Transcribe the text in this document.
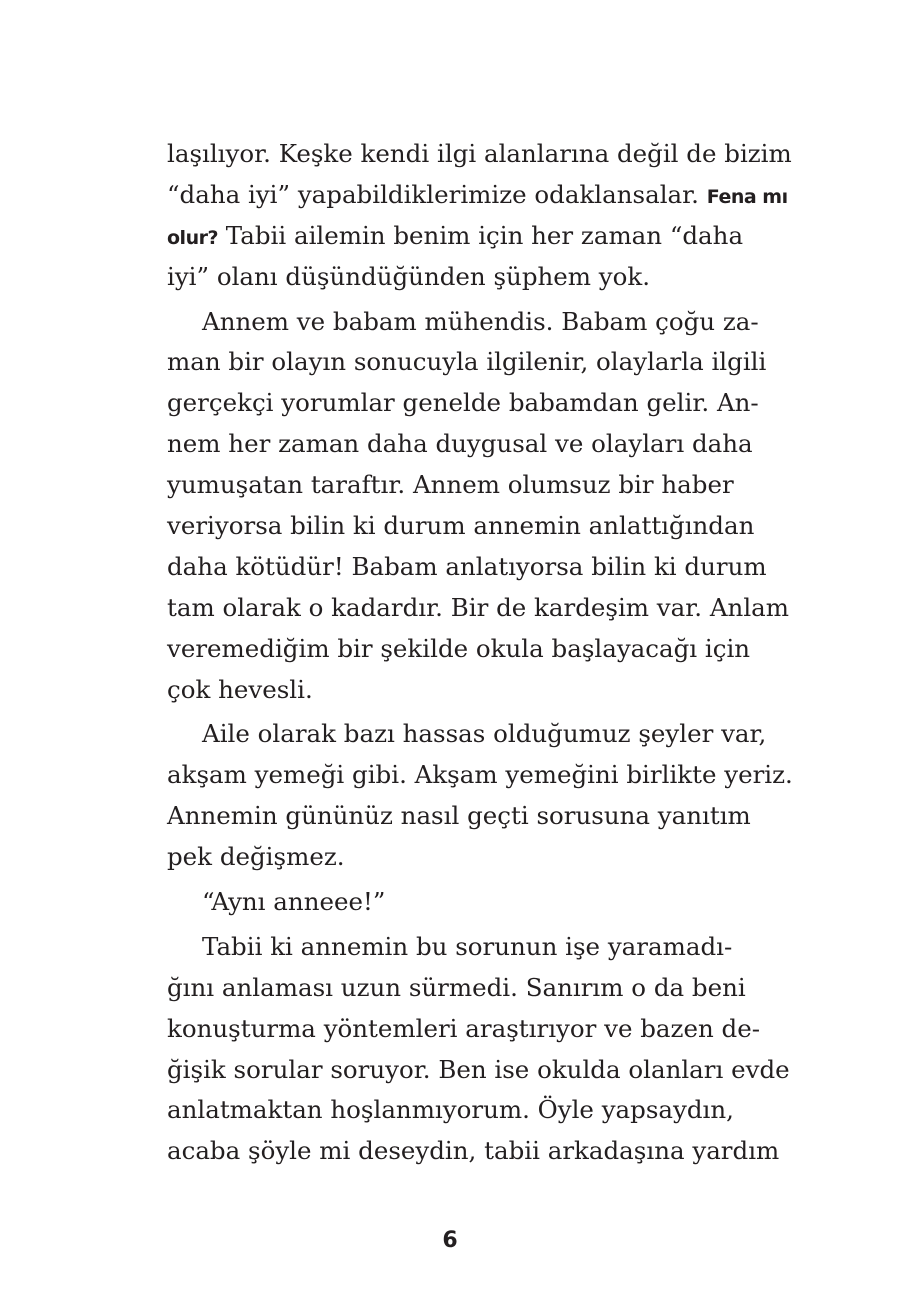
laşılıyor. Keşke kendi ilgi alanlarına değil de bizim
“daha iyi” yapabildiklerimize odaklansalar. Fena mı
olur? Tabii ailemin benim için her zaman “daha
iyi” olanı düşündüğünden şüphem yok.
Annem ve babam mühendis. Babam çoğu za-
man bir olayın sonucuyla ilgilenir, olaylarla ilgili
gerçekçi yorumlar genelde babamdan gelir. An-
nem her zaman daha duygusal ve olayları daha
yumuşatan taraftır. Annem olumsuz bir haber
veriyorsa bilin ki durum annemin anlattığından
daha kötüdür! Babam anlatıyorsa bilin ki durum
tam olarak o kadardır. Bir de kardeşim var. Anlam
veremediğim bir şekilde okula başlayacağı için
çok hevesli.
Aile olarak bazı hassas olduğumuz şeyler var,
akşam yemeği gibi. Akşam yemeğini birlikte yeriz.
Annemin gününüz nasıl geçti sorusuna yanıtım
pek değişmez.
“Aynı anneee!”
Tabii ki annemin bu sorunun işe yaramadı-
ğını anlaması uzun sürmedi. Sanırım o da beni
konuşturma yöntemleri araştırıyor ve bazen de-
ğişik sorular soruyor. Ben ise okulda olanları evde
anlatmaktan hoşlanmıyorum. Öyle yapsaydın,
acaba şöyle mi deseydin, tabii arkadaşına yardım
6
